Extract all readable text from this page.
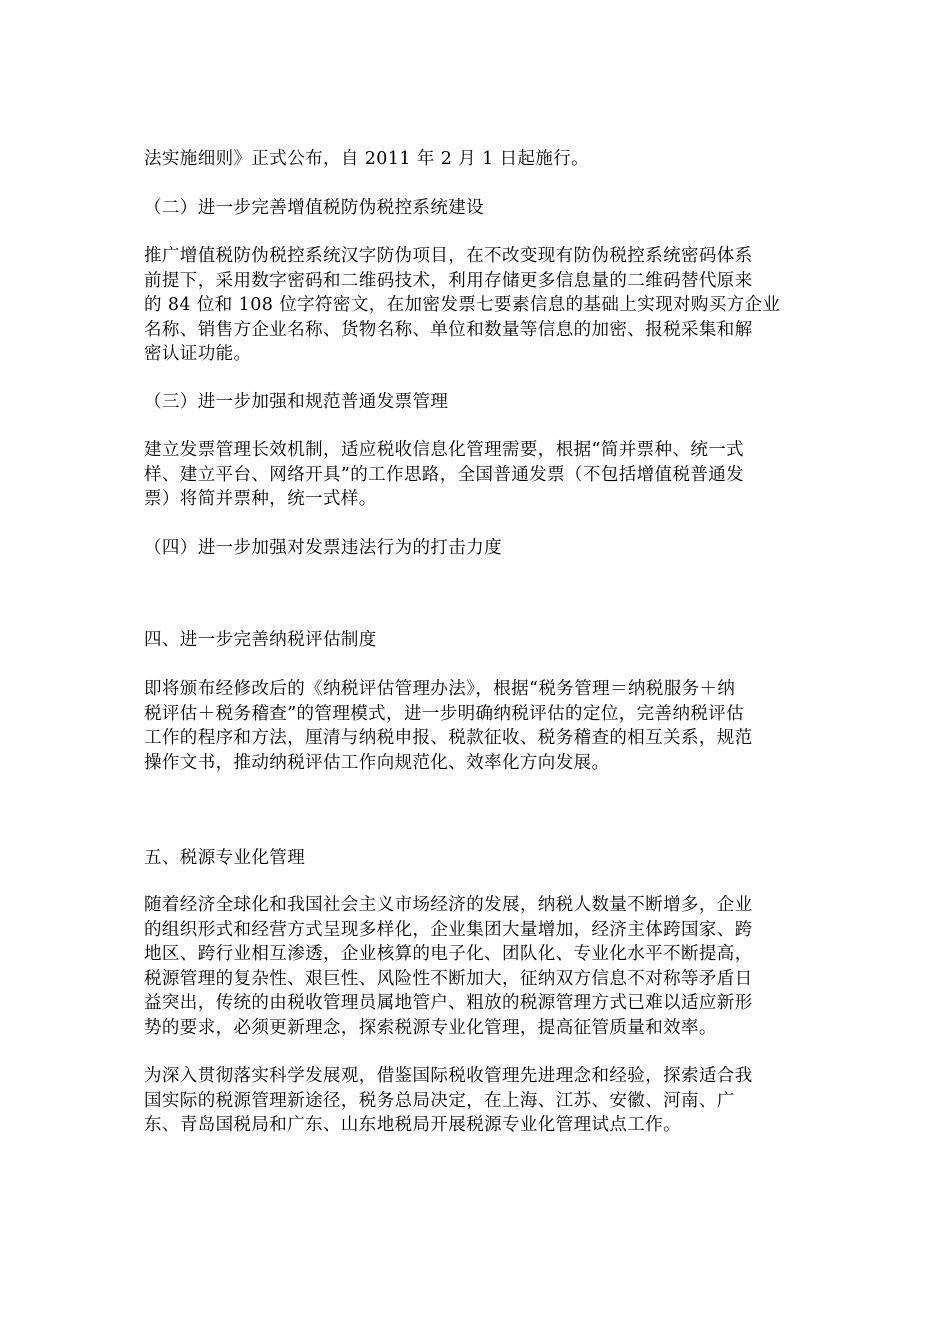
法实施细则》正式公布，自 2011 年 2 月 1 日起施行。

（二）进一步完善增值税防伪税控系统建设

推广增值税防伪税控系统汉字防伪项目，在不改变现有防伪税控系统密码体系
前提下，采用数字密码和二维码技术，利用存储更多信息量的二维码替代原来
的 84 位和 108 位字符密文，在加密发票七要素信息的基础上实现对购买方企业
名称、销售方企业名称、货物名称、单位和数量等信息的加密、报税采集和解
密认证功能。

（三）进一步加强和规范普通发票管理

建立发票管理长效机制，适应税收信息化管理需要，根据“简并票种、统一式
样、建立平台、网络开具”的工作思路，全国普通发票（不包括增值税普通发
票）将简并票种，统一式样。

（四）进一步加强对发票违法行为的打击力度

四、进一步完善纳税评估制度

即将颁布经修改后的《纳税评估管理办法》，根据“税务管理＝纳税服务＋纳
税评估＋税务稽查”的管理模式，进一步明确纳税评估的定位，完善纳税评估
工作的程序和方法，厘清与纳税申报、税款征收、税务稽查的相互关系，规范
操作文书，推动纳税评估工作向规范化、效率化方向发展。

五、税源专业化管理

随着经济全球化和我国社会主义市场经济的发展，纳税人数量不断增多，企业
的组织形式和经营方式呈现多样化，企业集团大量增加，经济主体跨国家、跨
地区、跨行业相互渗透，企业核算的电子化、团队化、专业化水平不断提高，
税源管理的复杂性、艰巨性、风险性不断加大，征纳双方信息不对称等矛盾日
益突出，传统的由税收管理员属地管户、粗放的税源管理方式已难以适应新形
势的要求，必须更新理念，探索税源专业化管理，提高征管质量和效率。

为深入贯彻落实科学发展观，借鉴国际税收管理先进理念和经验，探索适合我
国实际的税源管理新途径，税务总局决定，在上海、江苏、安徽、河南、广
东、青岛国税局和广东、山东地税局开展税源专业化管理试点工作。
